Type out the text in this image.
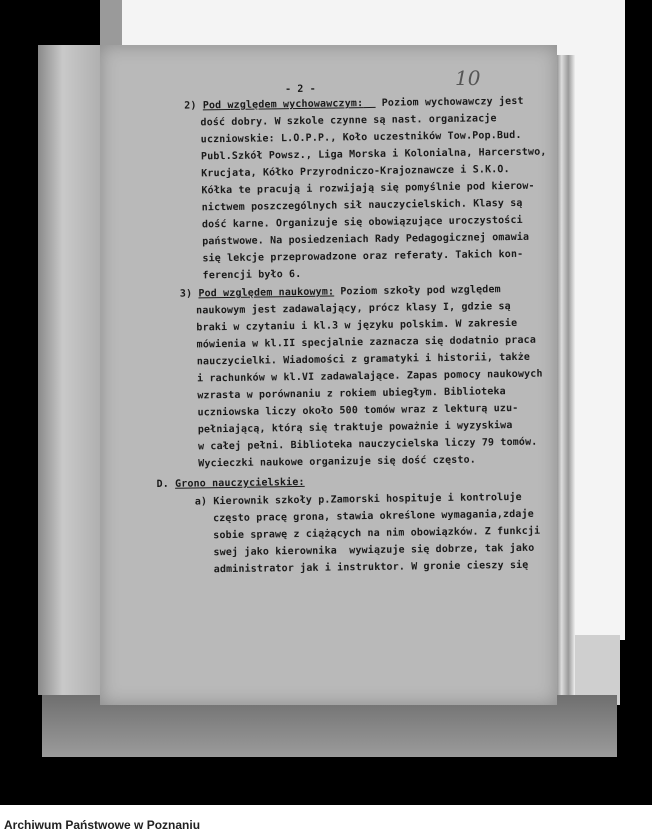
- 2 -
2) Pod względem wychowawczym: Poziom wychowawczy jest
dość dobry. W szkole czynne są nast. organizacje
uczniowskie: L.O.P.P., Koło uczestników Tow.Pop.Bud.
Publ.Szkół Powsz., Liga Morska i Kolonialna, Harcerstwo,
Krucjata, Kółko Przyrodniczo-Krajoznawcze i S.K.O.
Kółka te pracują i rozwijają się pomyślnie pod kierow-
nictwem poszczególnych sił nauczycielskich. Klasy są
dość karne. Organizuje się obowiązujące uroczystości
państwowe. Na posiedzeniach Rady Pedagogicznej omawia
się lekcje przeprowadzone oraz referaty. Takich kon-
ferencji było 6.
3) Pod względem naukowym: Poziom szkoły pod względem
naukowym jest zadawalający, prócz klasy I, gdzie są
braki w czytaniu i kl.3 w języku polskim. W zakresie
mówienia w kl.II specjalnie zaznacza się dodatnio praca
nauczycielki. Wiadomości z gramatyki i historii, także
i rachunków w kl.VI zadawalające. Zapas pomocy naukowych
wzrasta w porównaniu z rokiem ubiegłym. Biblioteka
uczniowska liczy około 500 tomów wraz z lekturą uzu-
pełniającą, którą się traktuje poważnie i wyzyskiwa
w całej pełni. Biblioteka nauczycielska liczy 79 tomów.
Wycieczki naukowe organizuje się dość często.
D. Grono nauczycielskie:
a) Kierownik szkoły p.Zamorski hospituje i kontroluje
często pracę grona, stawia określone wymagania,zdaje
sobie sprawę z ciążących na nim obowiązków. Z funkcji
swej jako kierownika  wywiązuje się dobrze, tak jako
administrator jak i instruktor. W gronie cieszy się
10
Archiwum Państwowe w Poznaniu
